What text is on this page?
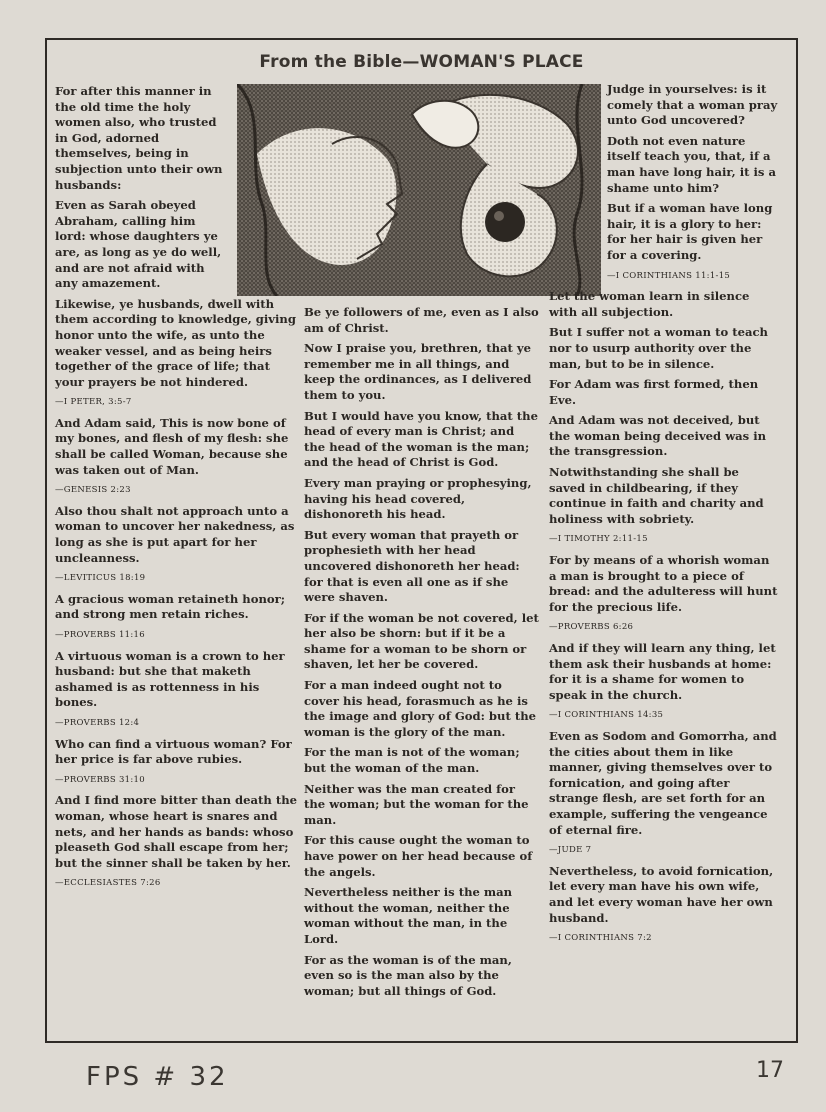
From the Bible—WOMAN'S PLACE

For after this manner in the old time the holy women also, who trusted in God, adorned themselves, being in subjection unto their own husbands:

Even as Sarah obeyed Abraham, calling him lord: whose daughters ye are, as long as ye do well, and are not afraid with any amazement.

Likewise, ye husbands, dwell with them according to knowledge, giving honor unto the wife, as unto the weaker vessel, and as being heirs together of the grace of life; that your prayers be not hindered.

—I PETER, 3:5-7

And Adam said, This is now bone of my bones, and flesh of my flesh: she shall be called Woman, because she was taken out of Man.

—GENESIS 2:23

Also thou shalt not approach unto a woman to uncover her nakedness, as long as she is put apart for her uncleanness.

—LEVITICUS 18:19

A gracious woman retaineth honor; and strong men retain riches.

—PROVERBS 11:16

A virtuous woman is a crown to her husband: but she that maketh ashamed is as rottenness in his bones.

—PROVERBS 12:4

Who can find a virtuous woman? For her price is far above rubies.

—PROVERBS 31:10

And I find more bitter than death the woman, whose heart is snares and nets, and her hands as bands: whoso pleaseth God shall escape from her; but the sinner shall be taken by her.

—ECCLESIASTES 7:26

Be ye followers of me, even as I also am of Christ.

Now I praise you, brethren, that ye remember me in all things, and keep the ordinances, as I delivered them to you.

But I would have you know, that the head of every man is Christ; and the head of the woman is the man; and the head of Christ is God.

Every man praying or prophesying, having his head covered, dishonoreth his head.

But every woman that prayeth or prophesieth with her head uncovered dishonoreth her head: for that is even all one as if she were shaven.

For if the woman be not covered, let her also be shorn: but if it be a shame for a woman to be shorn or shaven, let her be covered.

For a man indeed ought not to cover his head, forasmuch as he is the image and glory of God: but the woman is the glory of the man.

For the man is not of the woman; but the woman of the man.

Neither was the man created for the woman; but the woman for the man.

For this cause ought the woman to have power on her head because of the angels.

Nevertheless neither is the man without the woman, neither the woman without the man, in the Lord.

For as the woman is of the man, even so is the man also by the woman; but all things of God.

Judge in yourselves: is it comely that a woman pray unto God uncovered?

Doth not even nature itself teach you, that, if a man have long hair, it is a shame unto him?

But if a woman have long hair, it is a glory to her: for her hair is given her for a covering.

—I CORINTHIANS 11:1-15

Let the woman learn in silence with all subjection.

But I suffer not a woman to teach nor to usurp authority over the man, but to be in silence.

For Adam was first formed, then Eve.

And Adam was not deceived, but the woman being deceived was in the transgression.

Notwithstanding she shall be saved in childbearing, if they continue in faith and charity and holiness with sobriety.

—I TIMOTHY 2:11-15

For by means of a whorish woman a man is brought to a piece of bread: and the adulteress will hunt for the precious life.

—PROVERBS 6:26

And if they will learn any thing, let them ask their husbands at home: for it is a shame for women to speak in the church.

—I CORINTHIANS 14:35

Even as Sodom and Gomorrha, and the cities about them in like manner, giving themselves over to fornication, and going after strange flesh, are set forth for an example, suffering the vengeance of eternal fire.

—JUDE 7

Nevertheless, to avoid fornication, let every man have his own wife, and let every woman have her own husband.

—I CORINTHIANS 7:2

FPS # 32	17
